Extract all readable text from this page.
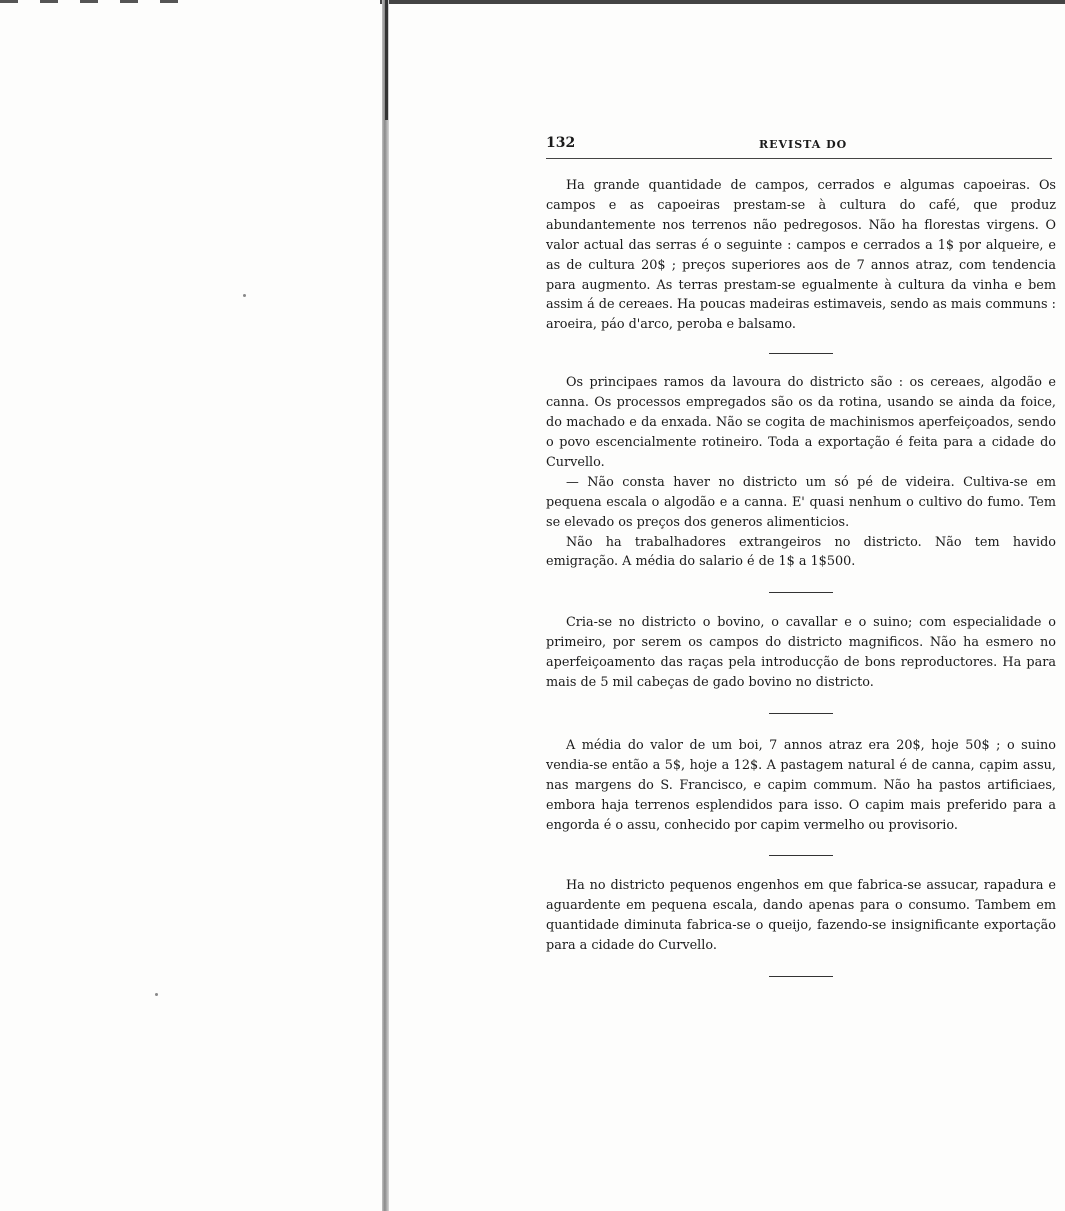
132	REVISTA DO

Ha grande quantidade de campos, cerrados e algumas capoeiras. Os campos e as capoeiras prestam-se à cultura do café, que produz abundantemente nos terrenos não pedregosos. Não ha florestas virgens. O valor actual das serras é o seguinte : campos e cerrados a 1$ por alqueire, e as de cultura 20$ ; preços superiores aos de 7 annos atraz, com tendencia para augmento. As terras prestam-se egualmente à cultura da vinha e bem assim á de cereaes. Ha poucas madeiras estimaveis, sendo as mais communs : aroeira, páo d'arco, peroba e balsamo.

Os principaes ramos da lavoura do districto são : os cereaes, algodão e canna. Os processos empregados são os da rotina, usando se ainda da foice, do machado e da enxada. Não se cogita de machinismos aperfeiçoados, sendo o povo escencialmente rotineiro. Toda a exportação é feita para a cidade do Curvello.

— Não consta haver no districto um só pé de videira. Cultiva-se em pequena escala o algodão e a canna. E' quasi nenhum o cultivo do fumo. Tem se elevado os preços dos generos alimenticios.

Não ha trabalhadores extrangeiros no districto. Não tem havido emigração. A média do salario é de 1$ a 1$500.

Cria-se no districto o bovino, o cavallar e o suino; com especialidade o primeiro, por serem os campos do districto magnificos. Não ha esmero no aperfeiçoamento das raças pela introducção de bons reproductores. Ha para mais de 5 mil cabeças de gado bovino no districto.

A média do valor de um boi, 7 annos atraz era 20$, hoje 50$ ; o suino vendia-se então a 5$, hoje a 12$. A pastagem natural é de canna, capim assu, nas margens do S. Francisco, e capim commum. Não ha pastos artificiaes, embora haja terrenos esplendidos para isso. O capim mais preferido para a engorda é o assu, conhecido por capim vermelho ou provisorio.

Ha no districto pequenos engenhos em que fabrica-se assucar, rapadura e aguardente em pequena escala, dando apenas para o consumo. Tambem em quantidade diminuta fabrica-se o queijo, fazendo-se insignificante exportação para a cidade do Curvello.
